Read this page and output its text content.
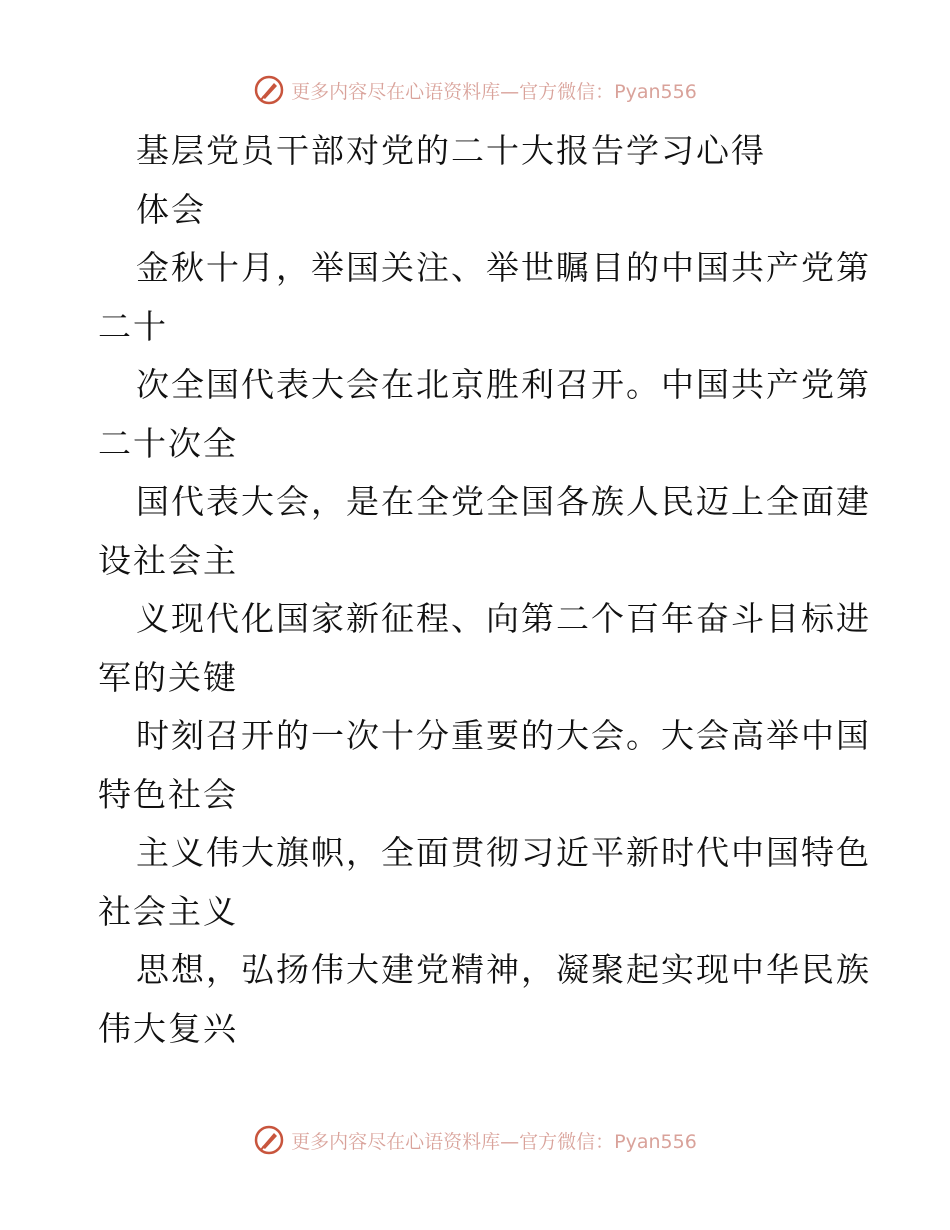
更多内容尽在心语资料库—官方微信：Pyan556
基层党员干部对党的二十大报告学习心得
体会
金秋十月，举国关注、举世瞩目的中国共产党第
二十
次全国代表大会在北京胜利召开。中国共产党第
二十次全
国代表大会，是在全党全国各族人民迈上全面建
设社会主
义现代化国家新征程、向第二个百年奋斗目标进
军的关键
时刻召开的一次十分重要的大会。大会高举中国
特色社会
主义伟大旗帜，全面贯彻习近平新时代中国特色
社会主义
思想，弘扬伟大建党精神，凝聚起实现中华民族
伟大复兴
更多内容尽在心语资料库—官方微信：Pyan556
